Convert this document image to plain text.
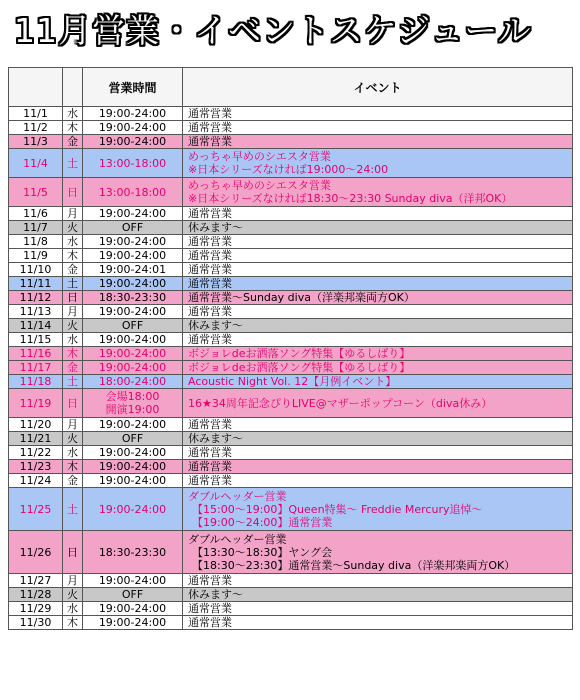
11月営業・イベントスケジュール
		営業時間	イベント
11/1	水	19:00-24:00	通常営業

11/2	木	19:00-24:00	通常営業

11/3	金	19:00-24:00	通常営業

11/4	土	13:00-18:00	めっちゃ早めのシエスタ営業
※日本シリーズなければ19:000〜24:00

11/5	日	13:00-18:00	めっちゃ早めのシエスタ営業
※日本シリーズなければ18:30〜23:30 Sunday diva（洋邦OK）

11/6	月	19:00-24:00	通常営業

11/7	火	OFF	休みます〜

11/8	水	19:00-24:00	通常営業

11/9	木	19:00-24:00	通常営業

11/10	金	19:00-24:01	通常営業

11/11	土	19:00-24:00	通常営業

11/12	日	18:30-23:30	通常営業〜Sunday diva（洋楽邦楽両方OK）

11/13	月	19:00-24:00	通常営業

11/14	火	OFF	休みます〜

11/15	水	19:00-24:00	通常営業

11/16	木	19:00-24:00	ボジョレdeお洒落ソング特集【ゆるしばり】

11/17	金	19:00-24:00	ボジョレdeお洒落ソング特集【ゆるしばり】

11/18	土	18:00-24:00	Acoustic Night Vol. 12【月例イベント】

11/19	日	会場18:00
開演19:00	16★34周年記念ぴりLIVE@マザーポップコーン（diva休み）

11/20	月	19:00-24:00	通常営業

11/21	火	OFF	休みます〜

11/22	水	19:00-24:00	通常営業

11/23	木	19:00-24:00	通常営業

11/24	金	19:00-24:00	通常営業

11/25	土	19:00-24:00	ダブルヘッダー営業
【15:00〜19:00】Queen特集〜 Freddie Mercury追悼〜
【19:00〜24:00】通常営業

11/26	日	18:30-23:30	ダブルヘッダー営業
【13:30〜18:30】ヤング会
【18:30〜23:30】通常営業〜Sunday diva（洋楽邦楽両方OK）

11/27	月	19:00-24:00	通常営業

11/28	火	OFF	休みます〜

11/29	水	19:00-24:00	通常営業

11/30	木	19:00-24:00	通常営業
